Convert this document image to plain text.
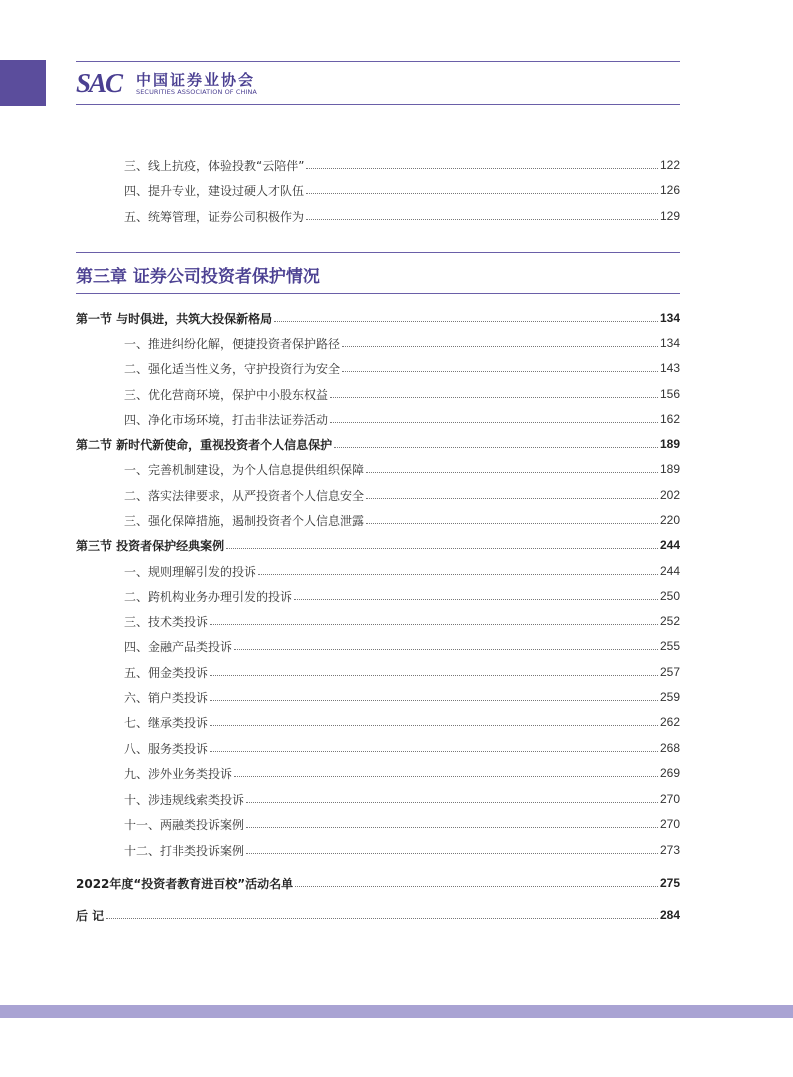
SAC 中国证券业协会
SECURITIES ASSOCIATION OF CHINA
三、线上抗疫，体验投教“云陪伴”	122
四、提升专业，建设过硬人才队伍	126
五、统筹管理，证券公司积极作为	129
第三章 证券公司投资者保护情况
第一节 与时俱进，共筑大投保新格局	134
一、推进纠纷化解，便捷投资者保护路径	134
二、强化适当性义务，守护投资行为安全	143
三、优化营商环境，保护中小股东权益	156
四、净化市场环境，打击非法证券活动	162
第二节 新时代新使命，重视投资者个人信息保护	189
一、完善机制建设，为个人信息提供组织保障	189
二、落实法律要求，从严投资者个人信息安全	202
三、强化保障措施，遏制投资者个人信息泄露	220
第三节 投资者保护经典案例	244
一、规则理解引发的投诉	244
二、跨机构业务办理引发的投诉	250
三、技术类投诉	252
四、金融产品类投诉	255
五、佣金类投诉	257
六、销户类投诉	259
七、继承类投诉	262
八、服务类投诉	268
九、涉外业务类投诉	269
十、涉违规线索类投诉	270
十一、两融类投诉案例	270
十二、打非类投诉案例	273
2022年度“投资者教育进百校”活动名单	275
后 记	284
